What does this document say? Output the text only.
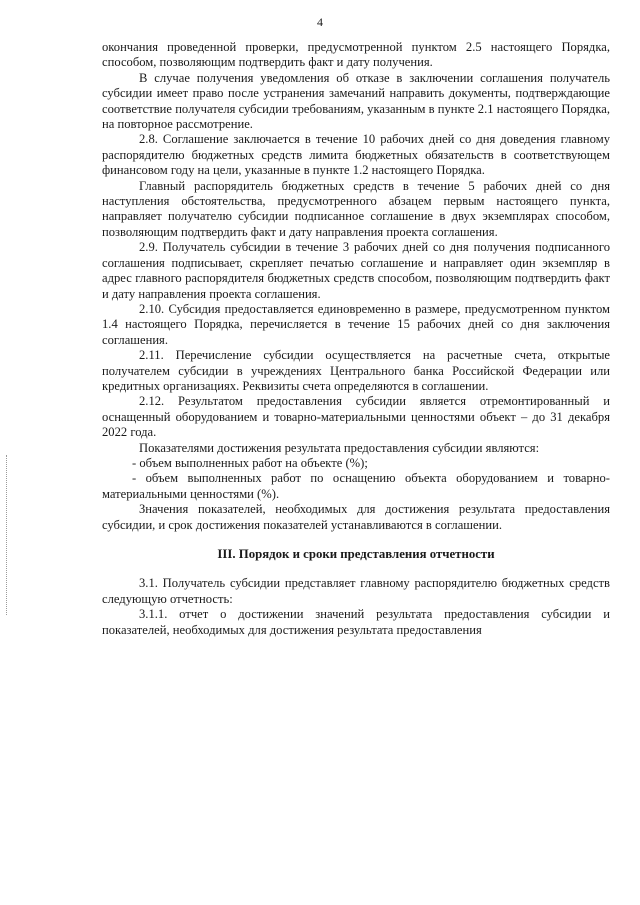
4

окончания проведенной проверки, предусмотренной пунктом 2.5 настоящего Порядка, способом, позволяющим подтвердить факт и дату получения.

В случае получения уведомления об отказе в заключении соглашения получатель субсидии имеет право после устранения замечаний направить документы, подтверждающие соответствие получателя субсидии требованиям, указанным в пункте 2.1 настоящего Порядка, на повторное рассмотрение.

2.8. Соглашение заключается в течение 10 рабочих дней со дня доведения главному распорядителю бюджетных средств лимита бюджетных обязательств в соответствующем финансовом году на цели, указанные в пункте 1.2 настоящего Порядка.

Главный распорядитель бюджетных средств в течение 5 рабочих дней со дня наступления обстоятельства, предусмотренного абзацем первым настоящего пункта, направляет получателю субсидии подписанное соглашение в двух экземплярах способом, позволяющим подтвердить факт и дату направления проекта соглашения.

2.9. Получатель субсидии в течение 3 рабочих дней со дня получения подписанного соглашения подписывает, скрепляет печатью соглашение и направляет один экземпляр в адрес главного распорядителя бюджетных средств способом, позволяющим подтвердить факт и дату направления проекта соглашения.

2.10. Субсидия предоставляется единовременно в размере, предусмотренном пунктом 1.4 настоящего Порядка, перечисляется в течение 15 рабочих дней со дня заключения соглашения.

2.11. Перечисление субсидии осуществляется на расчетные счета, открытые получателем субсидии в учреждениях Центрального банка Российской Федерации или кредитных организациях. Реквизиты счета определяются в соглашении.

2.12. Результатом предоставления субсидии является отремонтированный и оснащенный оборудованием и товарно-материальными ценностями объект – до 31 декабря 2022 года.

Показателями достижения результата предоставления субсидии являются:

- объем выполненных работ на объекте (%);

- объем выполненных работ по оснащению объекта оборудованием и товарно-материальными ценностями (%).

Значения показателей, необходимых для достижения результата предоставления субсидии, и срок достижения показателей устанавливаются в соглашении.

III. Порядок и сроки представления отчетности

3.1. Получатель субсидии представляет главному распорядителю бюджетных средств следующую отчетность:

3.1.1. отчет о достижении значений результата предоставления субсидии и показателей, необходимых для достижения результата предоставления
